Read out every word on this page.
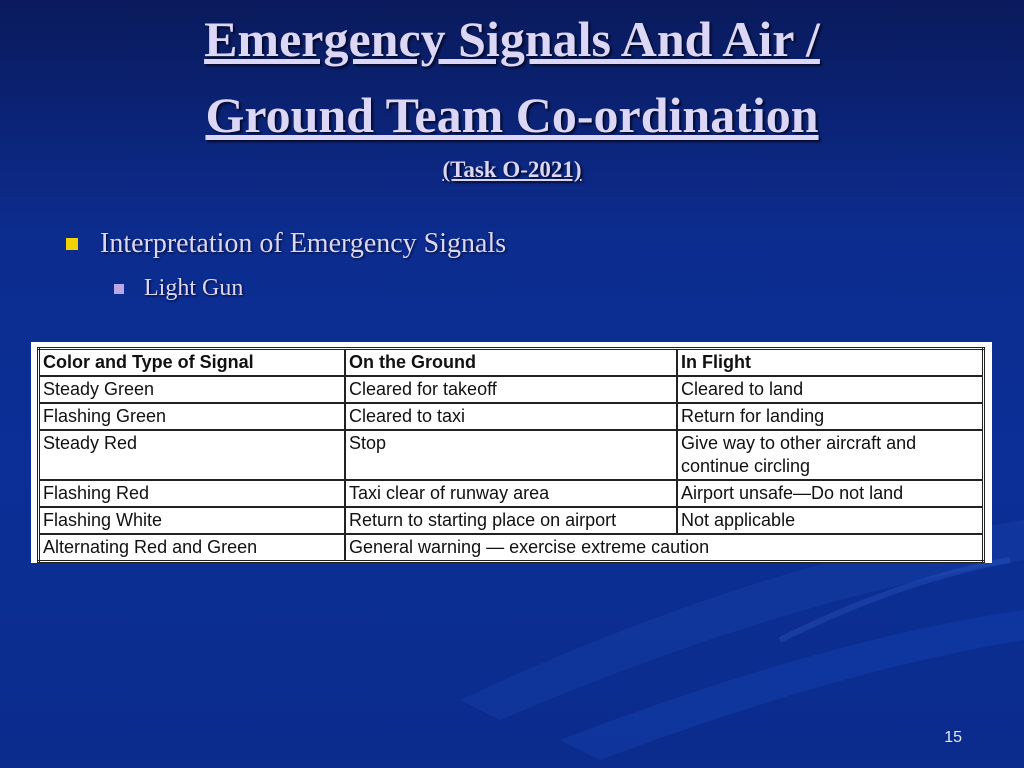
Emergency Signals And Air /
Ground Team Co-ordination
(Task O-2021)
Interpretation of Emergency Signals
Light Gun
Color and Type of Signal	On the Ground	In Flight
Steady Green	Cleared for takeoff	Cleared to land
Flashing Green	Cleared to taxi	Return for landing
Steady Red	Stop	Give way to other aircraft and continue circling
Flashing Red	Taxi clear of runway area	Airport unsafe—Do not land
Flashing White	Return to starting place on airport	Not applicable
Alternating Red and Green	General warning — exercise extreme caution	
15
